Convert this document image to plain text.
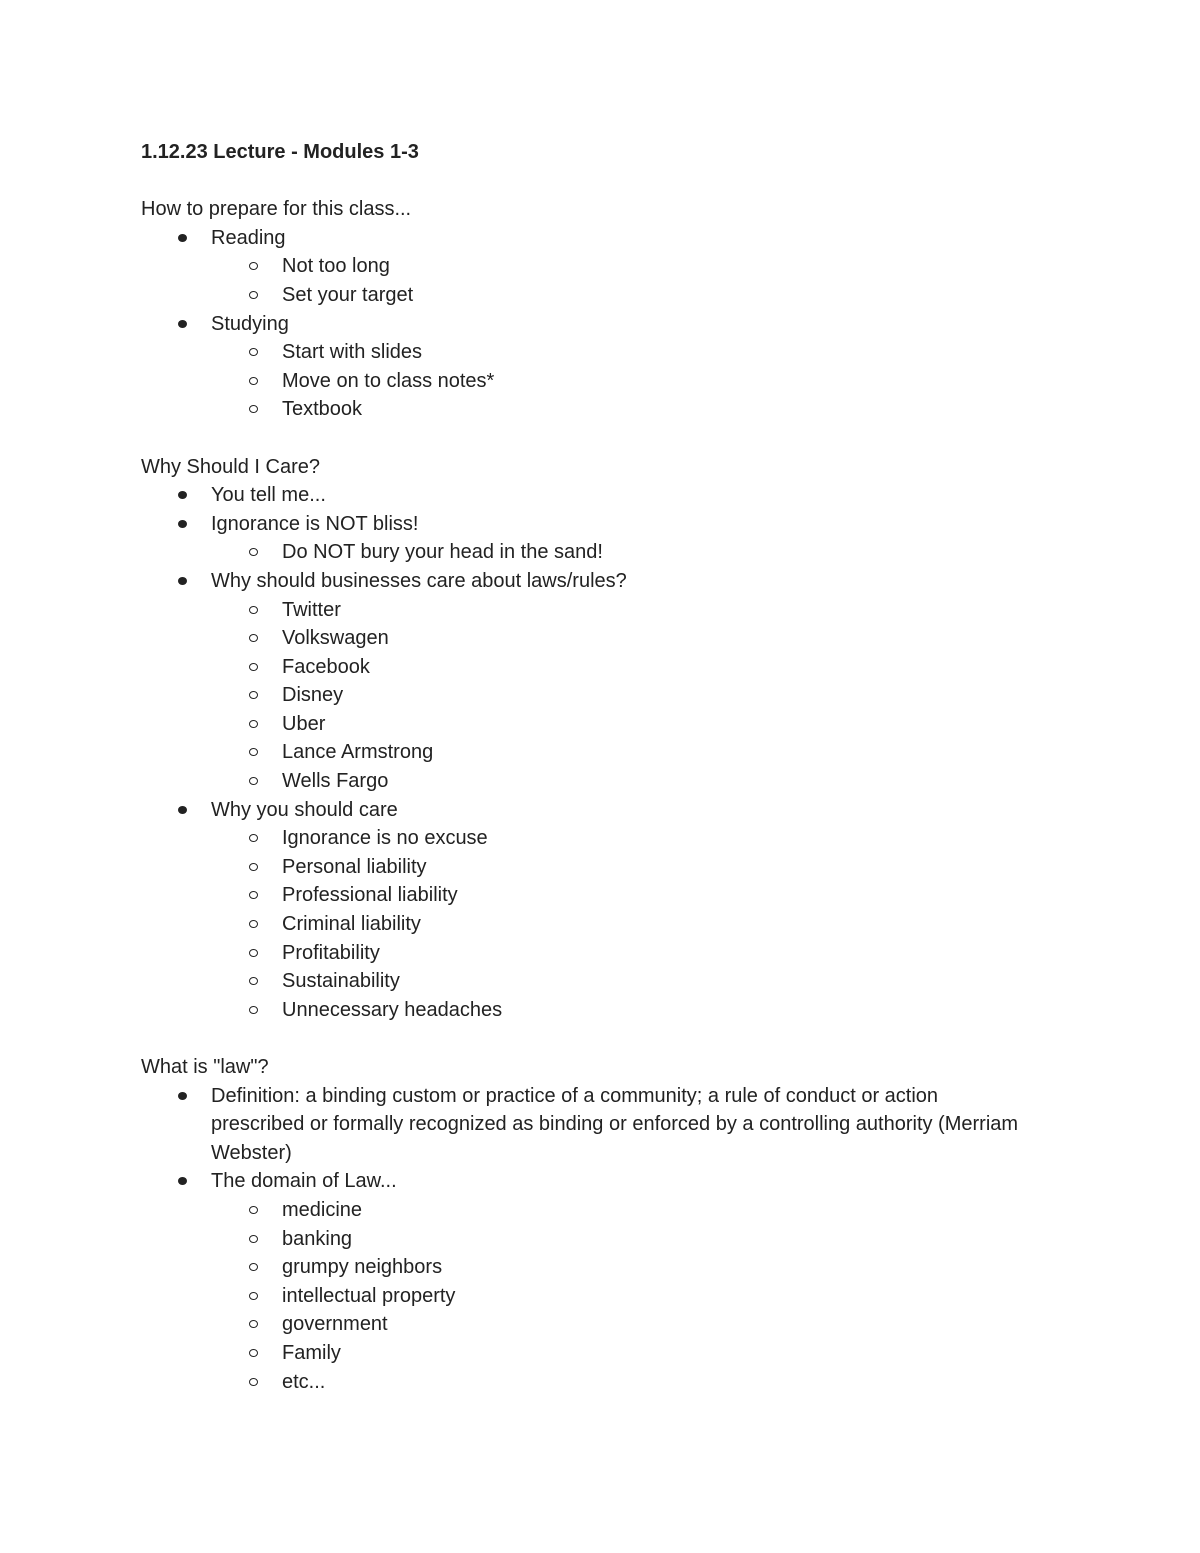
1.12.23 Lecture - Modules 1-3

How to prepare for this class...

Reading
Not too long
Set your target
Studying
Start with slides
Move on to class notes*
Textbook

Why Should I Care?

You tell me...
Ignorance is NOT bliss!
Do NOT bury your head in the sand!
Why should businesses care about laws/rules?
Twitter
Volkswagen
Facebook
Disney
Uber
Lance Armstrong
Wells Fargo
Why you should care
Ignorance is no excuse
Personal liability
Professional liability
Criminal liability
Profitability
Sustainability
Unnecessary headaches

What is "law"?

Definition: a binding custom or practice of a community; a rule of conduct or action prescribed or formally recognized as binding or enforced by a controlling authority (Merriam Webster)
The domain of Law...
medicine
banking
grumpy neighbors
intellectual property
government
Family
etc...
